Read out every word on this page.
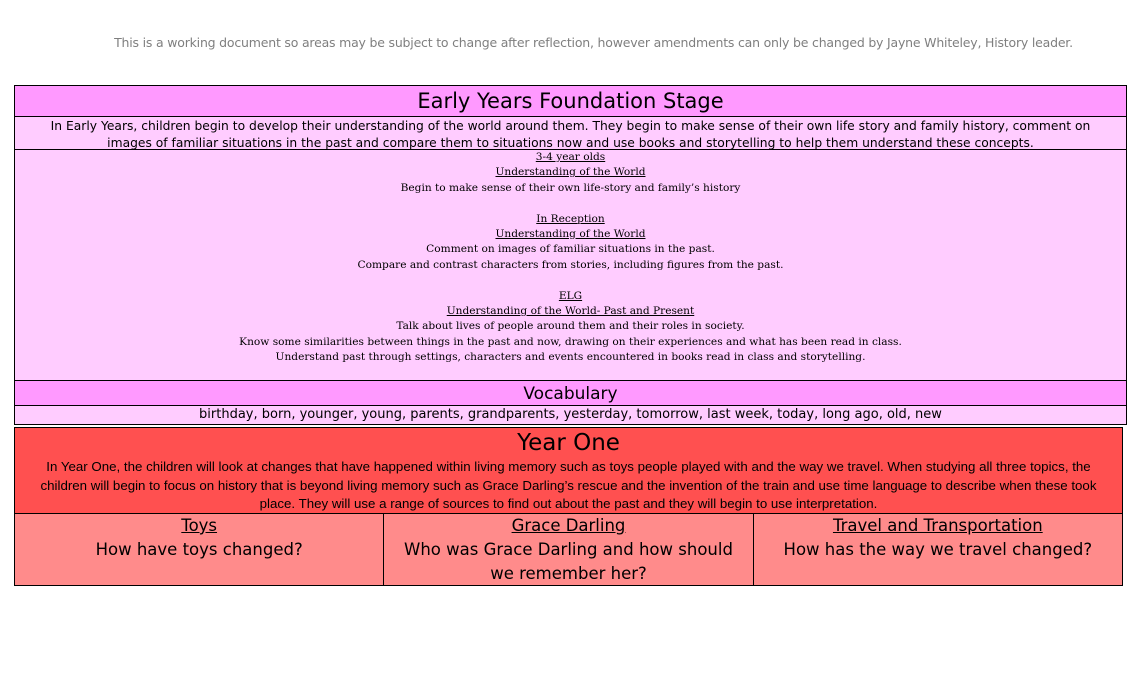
This is a working document so areas may be subject to change after reflection, however amendments can only be changed by Jayne Whiteley, History leader.
Early Years Foundation Stage
In Early Years, children begin to develop their understanding of the world around them. They begin to make sense of their own life story and family history, comment on images of familiar situations in the past and compare them to situations now and use books and storytelling to help them understand these concepts.
3-4 year olds
Understanding of the World
Begin to make sense of their own life-story and family’s history
In Reception
Understanding of the World
Comment on images of familiar situations in the past.
Compare and contrast characters from stories, including figures from the past.
ELG
Understanding of the World- Past and Present
Talk about lives of people around them and their roles in society.
Know some similarities between things in the past and now, drawing on their experiences and what has been read in class.
Understand past through settings, characters and events encountered in books read in class and storytelling.
Vocabulary
birthday, born, younger, young, parents, grandparents, yesterday, tomorrow, last week, today, long ago, old, new
Year One
In Year One, the children will look at changes that have happened within living memory such as toys people played with and the way we travel. When studying all three topics, the children will begin to focus on history that is beyond living memory such as Grace Darling’s rescue and the invention of the train and use time language to describe when these took place. They will use a range of sources to find out about the past and they will begin to use interpretation.
Toys
How have toys changed?
Grace Darling
Who was Grace Darling and how should we remember her?
Travel and Transportation
How has the way we travel changed?
